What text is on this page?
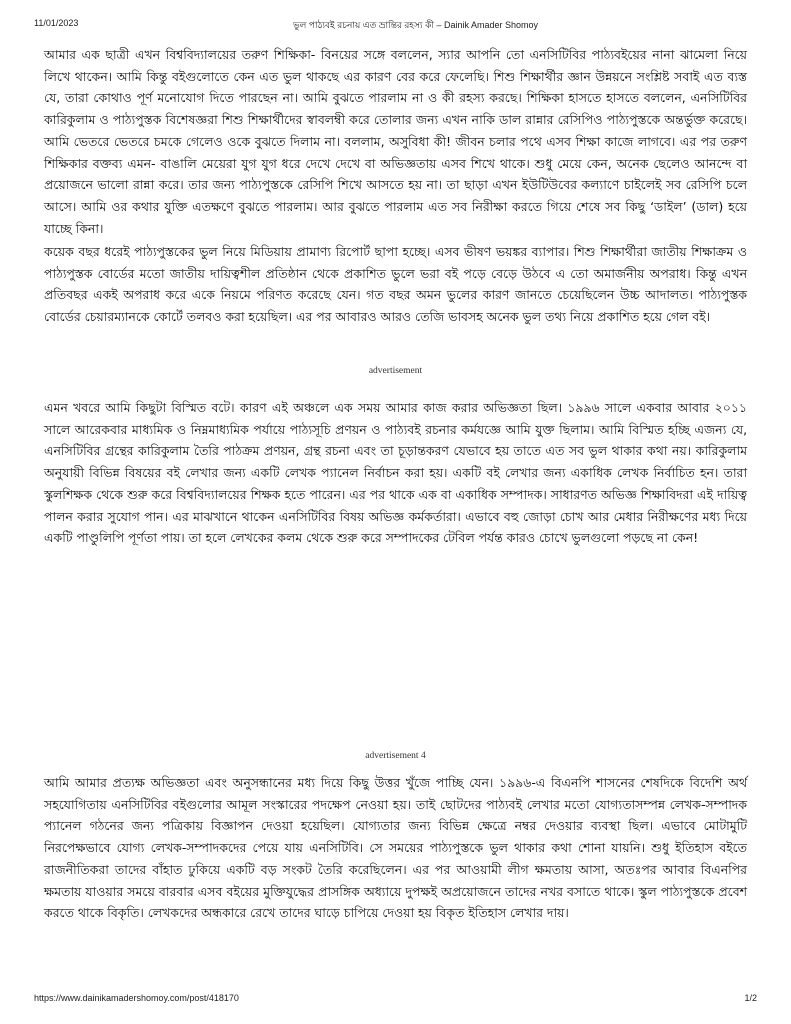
11/01/2023	ভুল পাঠ্যবই রচনায় এত ভ্রান্তির রহস্য কী – Dainik Amader Shomoy

আমার এক ছাত্রী এখন বিশ্ববিদ্যালয়ের তরুণ শিক্ষিকা- বিনয়ের সঙ্গে বললেন, স্যার আপনি তো এনসিটিবির পাঠ্যবইয়ের নানা ঝামেলা নিয়ে লিখে থাকেন। আমি কিন্তু বইগুলোতে কেন এত ভুল থাকছে এর কারণ বের করে ফেলেছি। শিশু শিক্ষার্থীর জ্ঞান উন্নয়নে সংশ্লিষ্ট সবাই এত ব্যস্ত যে, তারা কোথাও পূর্ণ মনোযোগ দিতে পারছেন না। আমি বুঝতে পারলাম না ও কী রহস্য করছে। শিক্ষিকা হাসতে হাসতে বললেন, এনসিটিবির কারিকুলাম ও পাঠ্যপুস্তক বিশেষজ্ঞরা শিশু শিক্ষার্থীদের স্বাবলম্বী করে তোলার জন্য এখন নাকি ডাল রান্নার রেসিপিও পাঠ্যপুস্তকে অন্তর্ভুক্ত করেছে। আমি ভেতরে ভেতরে চমকে গেলেও ওকে বুঝতে দিলাম না। বললাম, অসুবিধা কী! জীবন চলার পথে এসব শিক্ষা কাজে লাগবে। এর পর তরুণ শিক্ষিকার বক্তব্য এমন- বাঙালি মেয়েরা যুগ যুগ ধরে দেখে দেখে বা অভিজ্ঞতায় এসব শিখে থাকে। শুধু মেয়ে কেন, অনেক ছেলেও আনন্দে বা প্রয়োজনে ভালো রান্না করে। তার জন্য পাঠ্যপুস্তকে রেসিপি শিখে আসতে হয় না। তা ছাড়া এখন ইউটিউবের কল্যাণে চাইলেই সব রেসিপি চলে আসে। আমি ওর কথার যুক্তি এতক্ষণে বুঝতে পারলাম। আর বুঝতে পারলাম এত সব নিরীক্ষা করতে গিয়ে শেষে সব কিছু ‘ডাইল’ (ডাল) হয়ে যাচ্ছে কিনা।

কয়েক বছর ধরেই পাঠ্যপুস্তকের ভুল নিয়ে মিডিয়ায় প্রামাণ্য রিপোর্ট ছাপা হচ্ছে। এসব ভীষণ ভয়ঙ্কর ব্যাপার। শিশু শিক্ষার্থীরা জাতীয় শিক্ষাক্রম ও পাঠ্যপুস্তক বোর্ডের মতো জাতীয় দায়িত্বশীল প্রতিষ্ঠান থেকে প্রকাশিত ভুলে ভরা বই পড়ে বেড়ে উঠবে এ তো অমার্জনীয় অপরাধ। কিন্তু এখন প্রতিবছর একই অপরাধ করে একে নিয়মে পরিণত করেছে যেন। গত বছর অমন ভুলের কারণ জানতে চেয়েছিলেন উচ্চ আদালত। পাঠ্যপুস্তক বোর্ডের চেয়ারম্যানকে কোর্টে তলবও করা হয়েছিল। এর পর আবারও আরও তেজি ভাবসহ অনেক ভুল তথ্য নিয়ে প্রকাশিত হয়ে গেল বই।

advertisement

এমন খবরে আমি কিছুটা বিস্মিত বটে। কারণ এই অঞ্চলে এক সময় আমার কাজ করার অভিজ্ঞতা ছিল। ১৯৯৬ সালে একবার আবার ২০১১ সালে আরেকবার মাধ্যমিক ও নিম্নমাধ্যমিক পর্যায়ে পাঠ্যসূচি প্রণয়ন ও পাঠ্যবই রচনার কর্মযজ্ঞে আমি যুক্ত ছিলাম। আমি বিস্মিত হচ্ছি এজন্য যে, এনসিটিবির গ্রন্থের কারিকুলাম তৈরি পাঠক্রম প্রণয়ন, গ্রন্থ রচনা এবং তা চূড়ান্তকরণ যেভাবে হয় তাতে এত সব ভুল থাকার কথা নয়। কারিকুলাম অনুযায়ী বিভিন্ন বিষয়ের বই লেখার জন্য একটি লেখক প্যানেল নির্বাচন করা হয়। একটি বই লেখার জন্য একাধিক লেখক নির্বাচিত হন। তারা স্কুলশিক্ষক থেকে শুরু করে বিশ্ববিদ্যালয়ের শিক্ষক হতে পারেন। এর পর থাকে এক বা একাধিক সম্পাদক। সাধারণত অভিজ্ঞ শিক্ষাবিদরা এই দায়িত্ব পালন করার সুযোগ পান। এর মাঝখানে থাকেন এনসিটিবির বিষয় অভিজ্ঞ কর্মকর্তারা। এভাবে বহু জোড়া চোখ আর মেধার নিরীক্ষণের মধ্য দিয়ে একটি পাণ্ডুলিপি পূর্ণতা পায়। তা হলে লেখকের কলম থেকে শুরু করে সম্পাদকের টেবিল পর্যন্ত কারও চোখে ভুলগুলো পড়ছে না কেন!

advertisement 4

আমি আমার প্রত্যক্ষ অভিজ্ঞতা এবং অনুসন্ধানের মধ্য দিয়ে কিছু উত্তর খুঁজে পাচ্ছি যেন। ১৯৯৬-এ বিএনপি শাসনের শেষদিকে বিদেশি অর্থ সহযোগিতায় এনসিটিবির বইগুলোর আমূল সংস্কারের পদক্ষেপ নেওয়া হয়। তাই ছোটদের পাঠ্যবই লেখার মতো যোগ্যতাসম্পন্ন লেখক-সম্পাদক প্যানেল গঠনের জন্য পত্রিকায় বিজ্ঞাপন দেওয়া হয়েছিল। যোগ্যতার জন্য বিভিন্ন ক্ষেত্রে নম্বর দেওয়ার ব্যবস্থা ছিল। এভাবে মোটামুটি নিরপেক্ষভাবে যোগ্য লেখক-সম্পাদকদের পেয়ে যায় এনসিটিবি। সে সময়ের পাঠ্যপুস্তকে ভুল থাকার কথা শোনা যায়নি। শুধু ইতিহাস বইতে রাজনীতিকরা তাদের বাঁহাত ঢুকিয়ে একটি বড় সংকট তৈরি করেছিলেন। এর পর আওয়ামী লীগ ক্ষমতায় আসা, অতঃপর আবার বিএনপির ক্ষমতায় যাওয়ার সময়ে বারবার এসব বইয়ের মুক্তিযুদ্ধের প্রাসঙ্গিক অধ্যায়ে দুপক্ষই অপ্রয়োজনে তাদের নখর বসাতে থাকে। স্কুল পাঠ্যপুস্তকে প্রবেশ করতে থাকে বিকৃতি। লেখকদের অন্ধকারে রেখে তাদের ঘাড়ে চাপিয়ে দেওয়া হয় বিকৃত ইতিহাস লেখার দায়।

https://www.dainikamadershomoy.com/post/418170	1/2
